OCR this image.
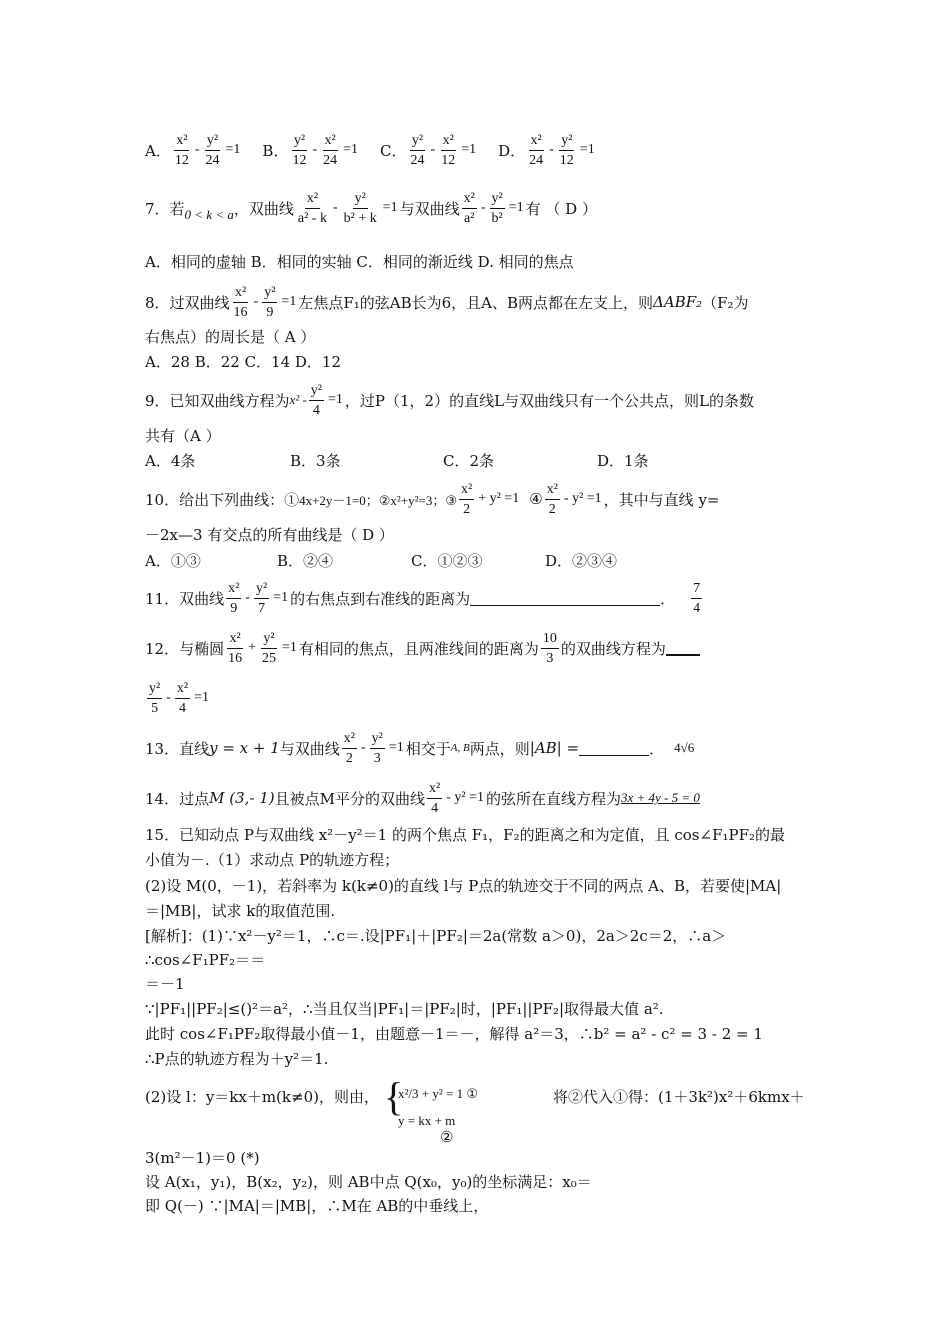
A． $\frac{\text{x²}}{12} - \frac{\text{y²}}{24} =1$ B． $\frac{\text{y²}}{12} - \frac{\text{x²}}{24} =1$ C． $\frac{\text{y²}}{24} - \frac{\text{x²}}{12} =1$ D． $\frac{\text{x²}}{24} - \frac{\text{y²}}{12} =1$
7．若 0 < k < a ，双曲线 $\frac{\text{x²}}{\text{a² - k}} - \frac{\text{y²}}{\text{b² + k}} =1$ 与双曲线 $\frac{\text{x²}}{\text{a²}} - \frac{\text{y²}}{\text{b²}} =1$ 有 （ D ）
A．相同的虚轴 B．相同的实轴 C．相同的渐近线 D. 相同的焦点
8．过双曲线 $\frac{\text{x²}}{16} - \frac{\text{y²}}{9} =1$ 左焦点F₁的弦AB长为6，且A、B两点都在左支上，则 ΔABF₂ （F₂为
右焦点）的周长是（ A ）
A．28 B．22 C．14 D．12
9．已知双曲线方程为 $x^2 - \frac{\text{y²}}{4} =1$ ，过P（1，2）的直线L与双曲线只有一个公共点，则L的条数
共有（A ）
A．4条	B．3条	C．2条	D．1条
10．给出下列曲线：① 4x+2y－1=0； ②x²+y²=3；③ $\frac{\text{x²}}{2} + y^2 =1$ ④ $\frac{\text{x²}}{2} - y^2 =1$ ，其中与直线 y=
－2x—3 有交点的所有曲线是（ D ）
A．①③	B．②④	C．①②③	D．②③④
11．双曲线 $\frac{\text{x²}}{9} - \frac{\text{y²}}{7} =1$ 的右焦点到右准线的距离为	． $\frac{7}{4}$
12．与椭圆 $\frac{\text{x²}}{16} + \frac{\text{y²}}{25} =1$ 有相同的焦点，且两准线间的距离为 $\frac{10}{3}$ 的双曲线方程为
$\frac{\text{y²}}{5} - \frac{\text{x²}}{4} =1$
13．直线 y = x + 1 与双曲线 $\frac{\text{x²}}{2} - \frac{\text{y²}}{3} =1$ 相交于 A, B 两点，则 |AB| =	． 4√6
14．过点 M (3,- 1) 且被点M平分的双曲线 $\frac{\text{x²}}{4} - y^2 =1$ 的弦所在直线方程为 3x + 4y - 5 = 0
15．已知动点 P与双曲线 x²－y²＝1 的两个焦点 F₁，F₂的距离之和为定值，且 cos∠F₁PF₂的最
小值为－.（1）求动点 P的轨迹方程；
(2)设 M(0，－1)，若斜率为 k(k≠0)的直线 l与 P点的轨迹交于不同的两点 A、B，若要使|MA|
＝|MB|，试求 k的取值范围.
[解析]：(1)∵x²－y²＝1，∴c＝.设|PF₁|＋|PF₂|＝2a(常数 a＞0)，2a＞2c＝2，∴a＞
∴cos∠F₁PF₂＝＝
＝－1
∵|PF₁||PF₂|≤()²＝a²，∴当且仅当|PF₁|＝|PF₂|时，|PF₁||PF₂|取得最大值 a².
此时 cos∠F₁PF₂取得最小值－1，由题意－1＝－，解得 a²＝3，∴b² = a² - c² = 3 - 2 = 1
∴P点的轨迹方程为＋y²＝1.
(2)设 l：y＝kx＋m(k≠0)，则由， {
x²/3 + y² = 1 ①
y = kx + m
②
将②代入①得：(1＋3k²)x²＋6kmx＋
3(m²－1)＝0 (*)
设 A(x₁，y₁)，B(x₂，y₂)，则 AB中点 Q(x₀，y₀)的坐标满足：x₀＝
即 Q(－) ∵|MA|＝|MB|，∴M在 AB的中垂线上，
